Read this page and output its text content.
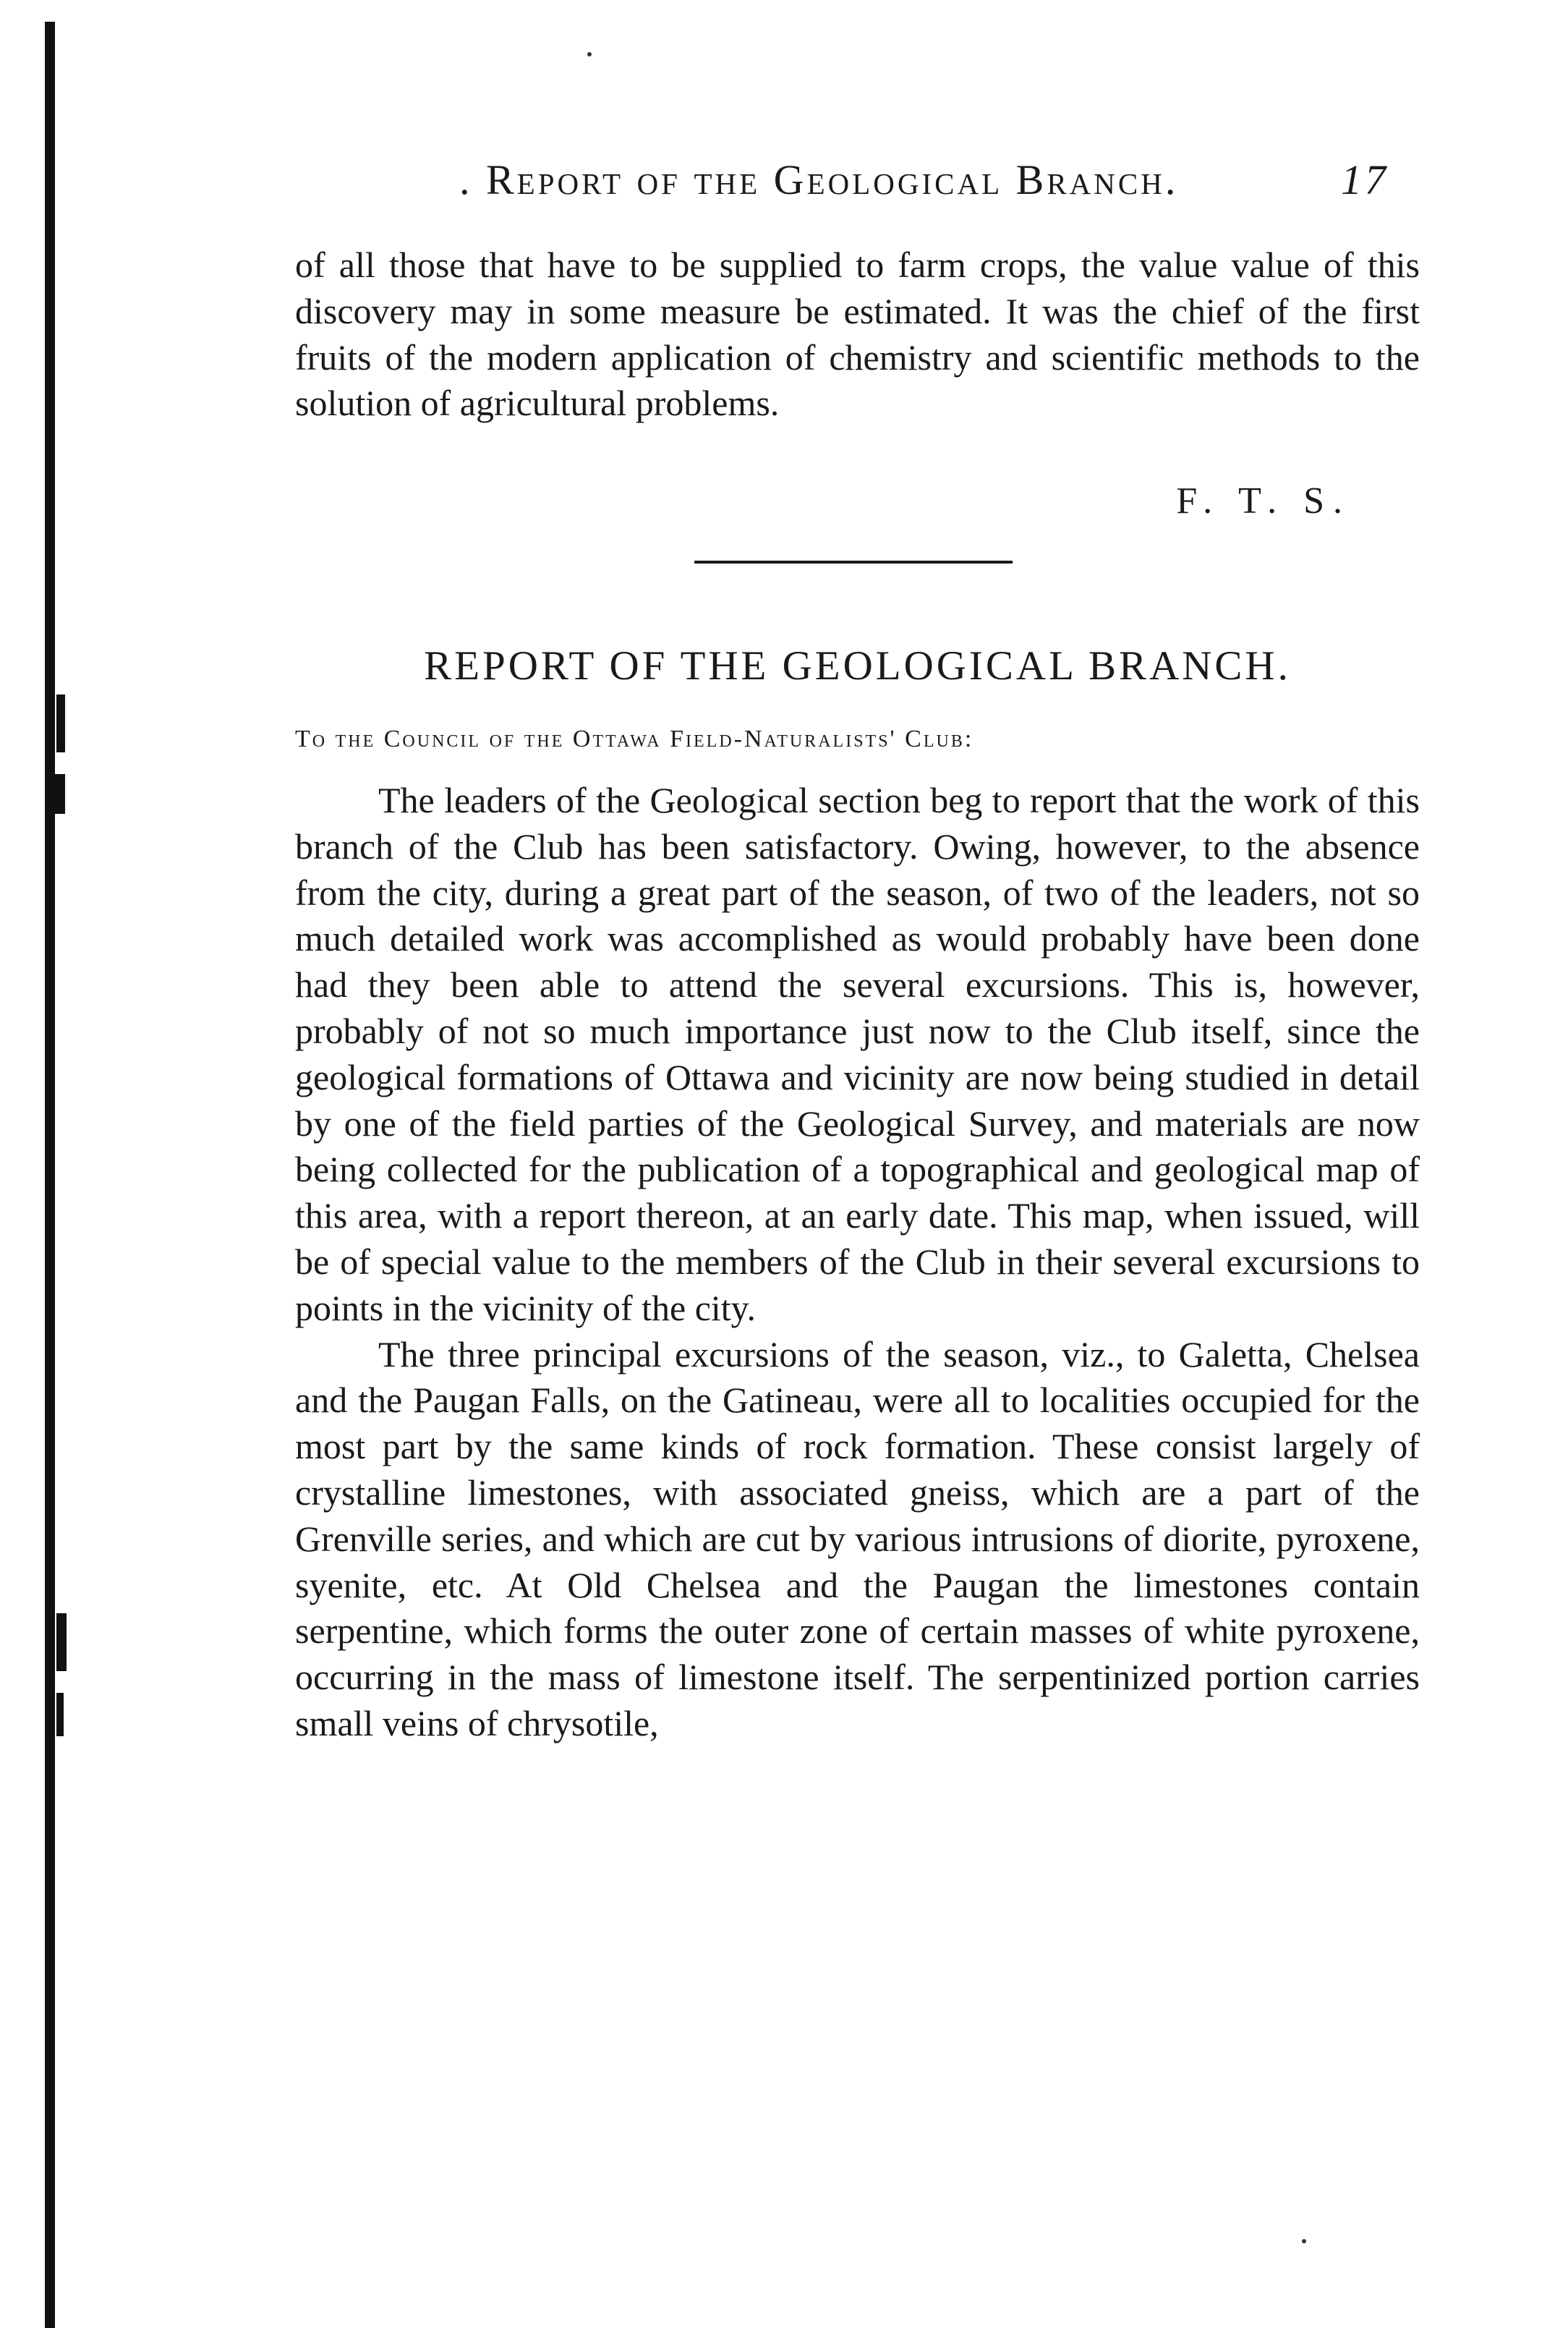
. Report of the Geological Branch.	17
of all those that have to be supplied to farm crops, the value value of this discovery may in some measure be estimated. It was the chief of the first fruits of the modern application of chemistry and scientific methods to the solution of agricultural problems.
F. T. S.
REPORT OF THE GEOLOGICAL BRANCH.
To the Council of the Ottawa Field-Naturalists' Club:

The leaders of the Geological section beg to report that the work of this branch of the Club has been satisfactory. Owing, however, to the absence from the city, during a great part of the season, of two of the leaders, not so much detailed work was accomplished as would probably have been done had they been able to attend the several excursions. This is, however, probably of not so much importance just now to the Club itself, since the geological formations of Ottawa and vicinity are now being studied in detail by one of the field parties of the Geological Survey, and materials are now being collected for the publication of a topographical and geological map of this area, with a report thereon, at an early date. This map, when issued, will be of special value to the members of the Club in their several excursions to points in the vicinity of the city.

The three principal excursions of the season, viz., to Galetta, Chelsea and the Paugan Falls, on the Gatineau, were all to localities occupied for the most part by the same kinds of rock formation. These consist largely of crystalline limestones, with associated gneiss, which are a part of the Grenville series, and which are cut by various intrusions of diorite, pyroxene, syenite, etc. At Old Chelsea and the Paugan the limestones contain serpentine, which forms the outer zone of certain masses of white pyroxene, occurring in the mass of limestone itself. The serpentinized portion carries small veins of chrysotile,
